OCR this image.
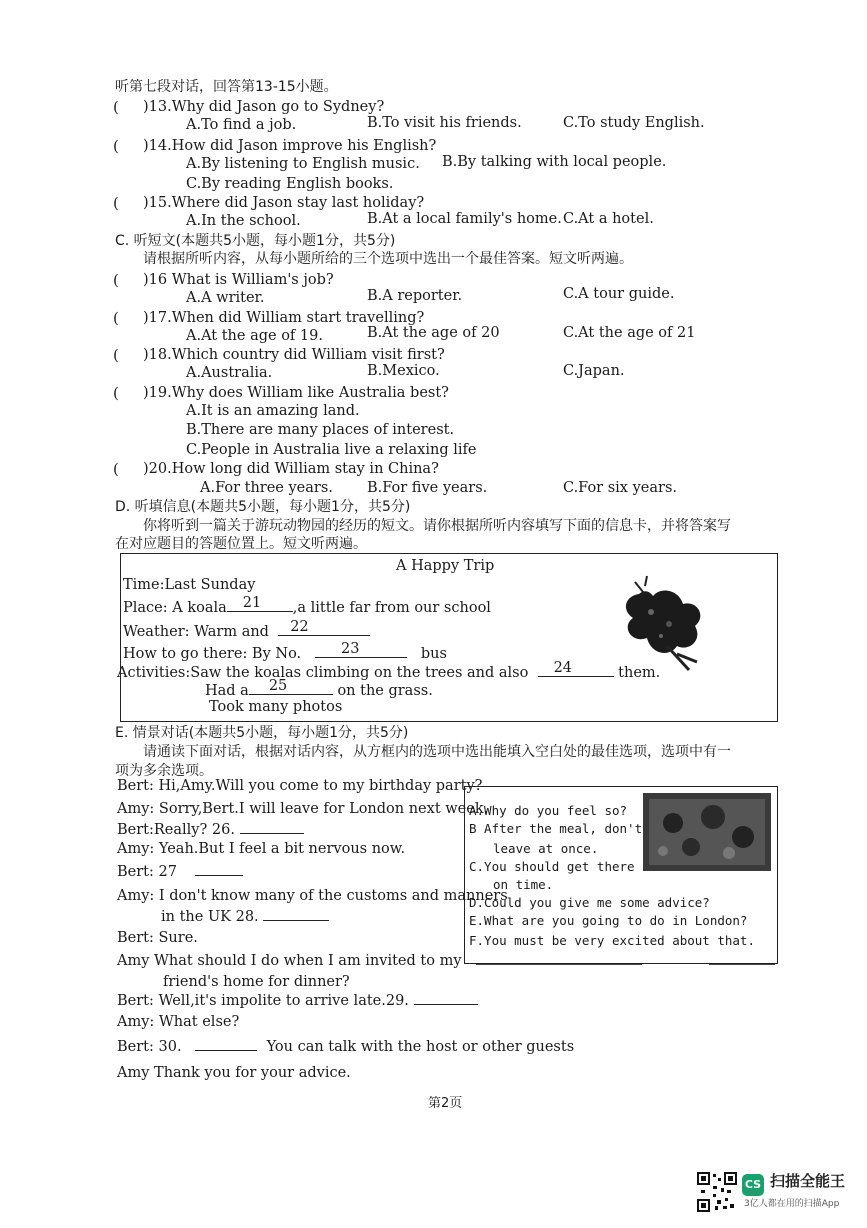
听第七段对话，回答第13-15小题。
( )13.Why did Jason go to Sydney?
A.To find a job.	B.To visit his friends.	C.To study English.
( )14.How did Jason improve his English?
A.By listening to English music. B.By talking with local people.
C.By reading English books.
( )15.Where did Jason stay last holiday?
A.In the school.	B.At a local family's home. C.At a hotel.
C. 听短文(本题共5小题，每小题1分，共5分)
请根据所听内容，从每小题所给的三个选项中选出一个最佳答案。短文听两遍。
( )16 What is William's job?
A.A writer.	B.A reporter.	C.A tour guide.
( )17.When did William start travelling?
A.At the age of 19.	B.At the age of 20	C.At the age of 21
( )18.Which country did William visit first?
A.Australia.	B.Mexico.	C.Japan.
( )19.Why does William like Australia best?
A.It is an amazing land.
B.There are many places of interest.
C.People in Australia live a relaxing life
( )20.How long did William stay in China?
A.For three years. B.For five years.	C.For six years.
D. 听填信息(本题共5小题，每小题1分，共5分)
你将听到一篇关于游玩动物园的经历的短文。请你根据所听内容填写下面的信息卡，并将答案写
在对应题目的答题位置上。短文听两遍。
A Happy Trip
Time:Last Sunday
Place: A koala 21 ,a little far from our school
Weather: Warm and 22
How to go there: By No.	23	bus
Activities:Saw the koalas climbing on the trees and also 24	them.
Had a 25	on the grass.
Took many photos
E. 情景对话(本题共5小题，每小题1分，共5分)
请通读下面对话，根据对话内容，从方框内的选项中选出能填入空白处的最佳选项，选项中有一
项为多余选项。
Bert: Hi,Amy.Will you come to my birthday party?
Amy: Sorry,Bert.I will leave for London next week.
Bert:Really? 26.
Amy: Yeah.But I feel a bit nervous now.
Bert: 27
Amy: I don't know many of the customs and manners
in the UK 28.
Bert: Sure.
Amy What should I do when I am invited to my
friend's home for dinner?
Bert: Well,it's impolite to arrive late.29.
Amy: What else?
Bert: 30.	You can talk with the host or other guests
Amy Thank you for your advice.
A.Why do you feel so?
B After the meal, don't
leave at once.
C.You should get there
on time.
D.Could you give me some advice?
E.What are you going to do in London?
F.You must be very excited about that.
第2页
CS 扫描全能王
3亿人都在用的扫描App
